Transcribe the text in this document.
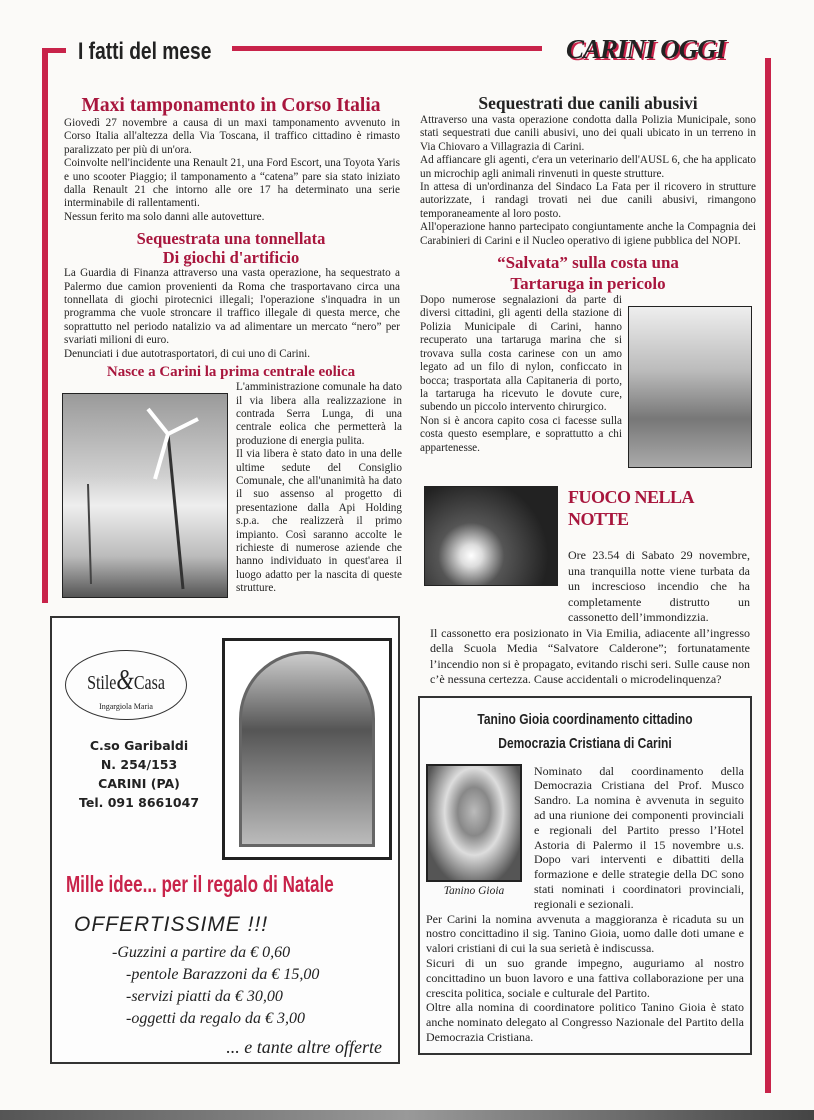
I fatti del mese	CARINI OGGI
Maxi tamponamento in Corso Italia

Giovedì 27 novembre a causa di un maxi tamponamento avvenuto in Corso Italia all'altezza della Via Toscana, il traffico cittadino è rimasto paralizzato per più di un'ora.

Coinvolte nell'incidente una Renault 21, una Ford Escort, una Toyota Yaris e uno scooter Piaggio; il tamponamento a “catena” pare sia stato iniziato dalla Renault 21 che intorno alle ore 17 ha determinato una serie interminabile di rallentamenti.

Nessun ferito ma solo danni alle autovetture.

Sequestrata una tonnellata
Di giochi d'artificio

La Guardia di Finanza attraverso una vasta operazione, ha sequestrato a Palermo due camion provenienti da Roma che trasportavano circa una tonnellata di giochi pirotecnici illegali; l'operazione s'inquadra in un programma che vuole stroncare il traffico illegale di questa merce, che soprattutto nel periodo natalizio va ad alimentare un mercato “nero” per svariati milioni di euro.

Denunciati i due autotrasportatori, di cui uno di Carini.

Nasce a Carini la prima centrale eolica

L'amministrazione comunale ha dato il via libera alla realizzazione in contrada Serra Lunga, di una centrale eolica che permetterà la produzione di energia pulita.

Il via libera è stato dato in una delle ultime sedute del Consiglio Comunale, che all'unanimità ha dato il suo assenso al progetto di presentazione dalla Api Holding s.p.a. che realizzerà il primo impianto. Così saranno accolte le richieste di numerose aziende che hanno individuato in quest'area il luogo adatto per la nascita di queste strutture.

Stile&Casa
Ingargiola Maria
C.so Garibaldi
N. 254/153
CARINI (PA)
Tel. 091 8661047
Mille idee... per il regalo di Natale
OFFERTISSIME !!!
-Guzzini a partire da € 0,60
-pentole Barazzoni da € 15,00
-servizi piatti da € 30,00
-oggetti da regalo da € 3,00
... e tante altre offerte
Sequestrati due canili abusivi

Attraverso una vasta operazione condotta dalla Polizia Municipale, sono stati sequestrati due canili abusivi, uno dei quali ubicato in un terreno in Via Chiovaro a Villagrazia di Carini.

Ad affiancare gli agenti, c'era un veterinario dell'AUSL 6, che ha applicato un microchip agli animali rinvenuti in queste strutture.

In attesa di un'ordinanza del Sindaco La Fata per il ricovero in strutture autorizzate, i randagi trovati nei due canili abusivi, rimangono temporaneamente al loro posto.

All'operazione hanno partecipato congiuntamente anche la Compagnia dei Carabinieri di Carini e il Nucleo operativo di igiene pubblica del NOPI.

“Salvata” sulla costa una
Tartaruga in pericolo

Dopo numerose segnalazioni da parte di diversi cittadini, gli agenti della stazione di Polizia Municipale di Carini, hanno recuperato una tartaruga marina che si trovava sulla costa carinese con un amo legato ad un filo di nylon, conficcato in bocca; trasportata alla Capitaneria di porto, la tartaruga ha ricevuto le dovute cure, subendo un piccolo intervento chirurgico.

Non si è ancora capito cosa ci facesse sulla costa questo esemplare, e soprattutto a chi appartenesse.

FUOCO NELLA NOTTE
Ore 23.54 di Sabato 29 novembre, una tranquilla notte viene turbata da un increscioso incendio che ha completamente distrutto un cassonetto dell’immondizzia.
Il cassonetto era posizionato in Via Emilia, adiacente all’ingresso della Scuola Media “Salvatore Calderone”; fortunatamente l’incendio non si è propagato, evitando rischi seri. Sulle cause non c’è nessuna certezza. Cause accidentali o microdelinquenza?
Tanino Gioia coordinamento cittadino
Democrazia Cristiana di Carini
Tanino Gioia
Nominato dal coordinamento della Democrazia Cristiana del Prof. Musco Sandro. La nomina è avvenuta in seguito ad una riunione dei componenti provinciali e regionali del Partito presso l’Hotel Astoria di Palermo il 15 novembre u.s. Dopo vari interventi e dibattiti della formazione e delle strategie della DC sono stati nominati i coordinatori provinciali, regionali e sezionali.

Per Carini la nomina avvenuta a maggioranza è ricaduta su un nostro concittadino il sig. Tanino Gioia, uomo dalle doti umane e valori cristiani di cui la sua serietà è indiscussa.

Sicuri di un suo grande impegno, auguriamo al nostro concittadino un buon lavoro e una fattiva collaborazione per una crescita politica, sociale e culturale del Partito.

Oltre alla nomina di coordinatore politico Tanino Gioia è stato anche nominato delegato al Congresso Nazionale del Partito della Democrazia Cristiana.
